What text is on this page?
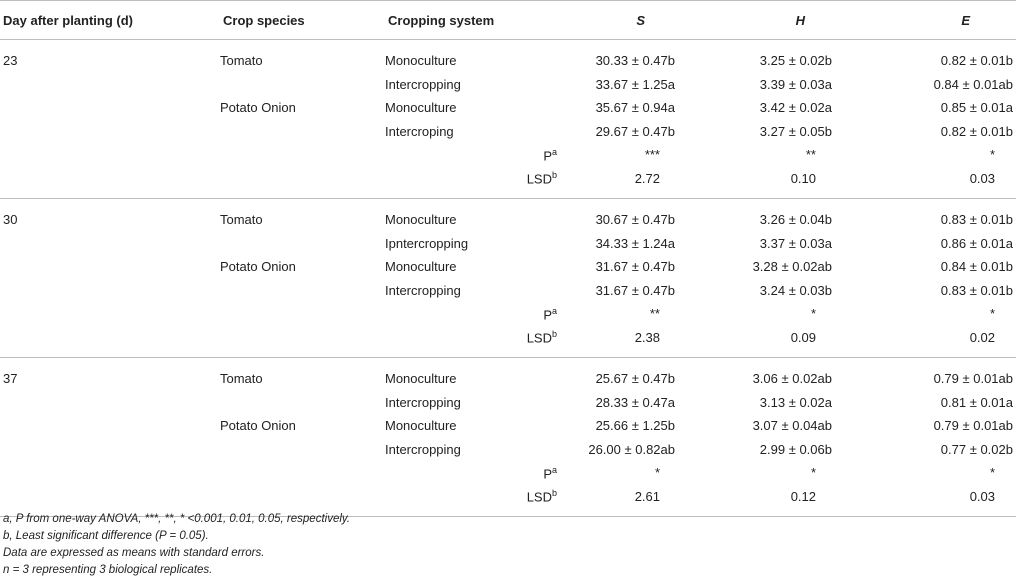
Day after planting (d)	Crop species	Cropping system	S	H	E
23	Tomato	Monoculture	30.33 ± 0.47b	3.25 ± 0.02b	0.82 ± 0.01b
		Intercropping	33.67 ± 1.25a	3.39 ± 0.03a	0.84 ± 0.01ab
	Potato Onion	Monoculture	35.67 ± 0.94a	3.42 ± 0.02a	0.85 ± 0.01a
		Intercroping	29.67 ± 0.47b	3.27 ± 0.05b	0.82 ± 0.01b
		$P^a$	***	**	*
		LSD$^b$	2.72	0.10	0.03
30	Tomato	Monoculture	30.67 ± 0.47b	3.26 ± 0.04b	0.83 ± 0.01b
		Ipntercropping	34.33 ± 1.24a	3.37 ± 0.03a	0.86 ± 0.01a
	Potato Onion	Monoculture	31.67 ± 0.47b	3.28 ± 0.02ab	0.84 ± 0.01b
		Intercropping	31.67 ± 0.47b	3.24 ± 0.03b	0.83 ± 0.01b
		$P^a$	**	*	*
		LSD$^b$	2.38	0.09	0.02
37	Tomato	Monoculture	25.67 ± 0.47b	3.06 ± 0.02ab	0.79 ± 0.01ab
		Intercropping	28.33 ± 0.47a	3.13 ± 0.02a	0.81 ± 0.01a
	Potato Onion	Monoculture	25.66 ± 1.25b	3.07 ± 0.04ab	0.79 ± 0.01ab
		Intercropping	26.00 ± 0.82ab	2.99 ± 0.06b	0.77 ± 0.02b
		$P^a$	*	*	*
		LSD$^b$	2.61	0.12	0.03
a, P from one-way ANOVA, ***, **, * <0.001, 0.01, 0.05, respectively.
b, Least significant difference (P = 0.05).
Data are expressed as means with standard errors.
n = 3 representing 3 biological replicates.
